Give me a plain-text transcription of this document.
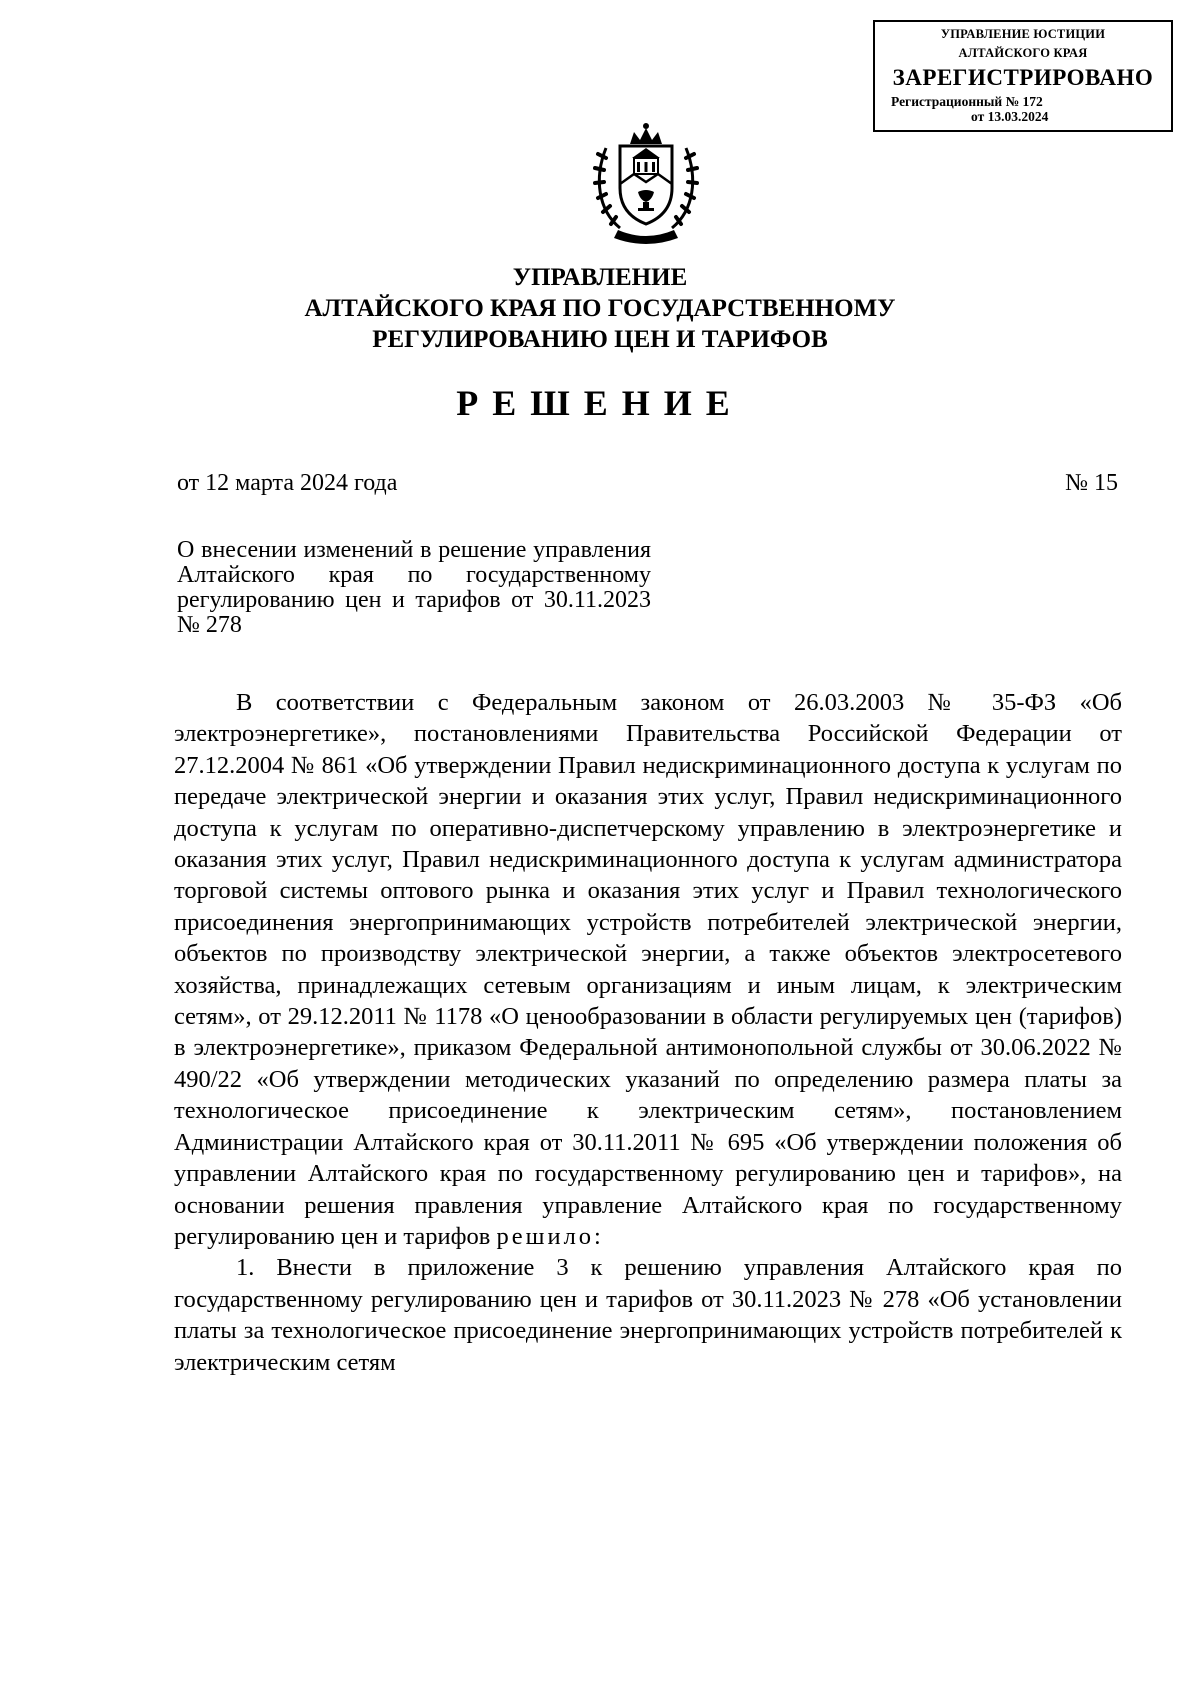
УПРАВЛЕНИЕ ЮСТИЦИИ
АЛТАЙСКОГО КРАЯ
ЗАРЕГИСТРИРОВАНО
Регистрационный № 172
от 13.03.2024
УПРАВЛЕНИЕ
АЛТАЙСКОГО КРАЯ ПО ГОСУДАРСТВЕННОМУ
РЕГУЛИРОВАНИЮ ЦЕН И ТАРИФОВ
РЕШЕНИЕ
от 12 марта 2024 года	№ 15
О внесении изменений в решение управления Алтайского края по государственному регулированию цен и тарифов от 30.11.2023 № 278

В соответствии с Федеральным законом от 26.03.2003 № 35-ФЗ «Об электроэнергетике», постановлениями Правительства Российской Федерации от 27.12.2004 № 861 «Об утверждении Правил недискриминационного доступа к услугам по передаче электрической энергии и оказания этих услуг, Правил недискриминационного доступа к услугам по оперативно-диспетчерскому управлению в электроэнергетике и оказания этих услуг, Правил недискриминационного доступа к услугам администратора торговой системы оптового рынка и оказания этих услуг и Правил технологического присоединения энергопринимающих устройств потребителей электрической энергии, объектов по производству электрической энергии, а также объектов электросетевого хозяйства, принадлежащих сетевым организациям и иным лицам, к электрическим сетям», от 29.12.2011 № 1178 «О ценообразовании в области регулируемых цен (тарифов) в электроэнергетике», приказом Федеральной антимонопольной службы от 30.06.2022 № 490/22 «Об утверждении методических указаний по определению размера платы за технологическое присоединение к электрическим сетям», постановлением Администрации Алтайского края от 30.11.2011 № 695 «Об утверждении положения об управлении Алтайского края по государственному регулированию цен и тарифов», на основании решения правления управление Алтайского края по государственному регулированию цен и тарифов решило:

1. Внести в приложение 3 к решению управления Алтайского края по государственному регулированию цен и тарифов от 30.11.2023 № 278 «Об установлении платы за технологическое присоединение энергопринимающих устройств потребителей к электрическим сетям
